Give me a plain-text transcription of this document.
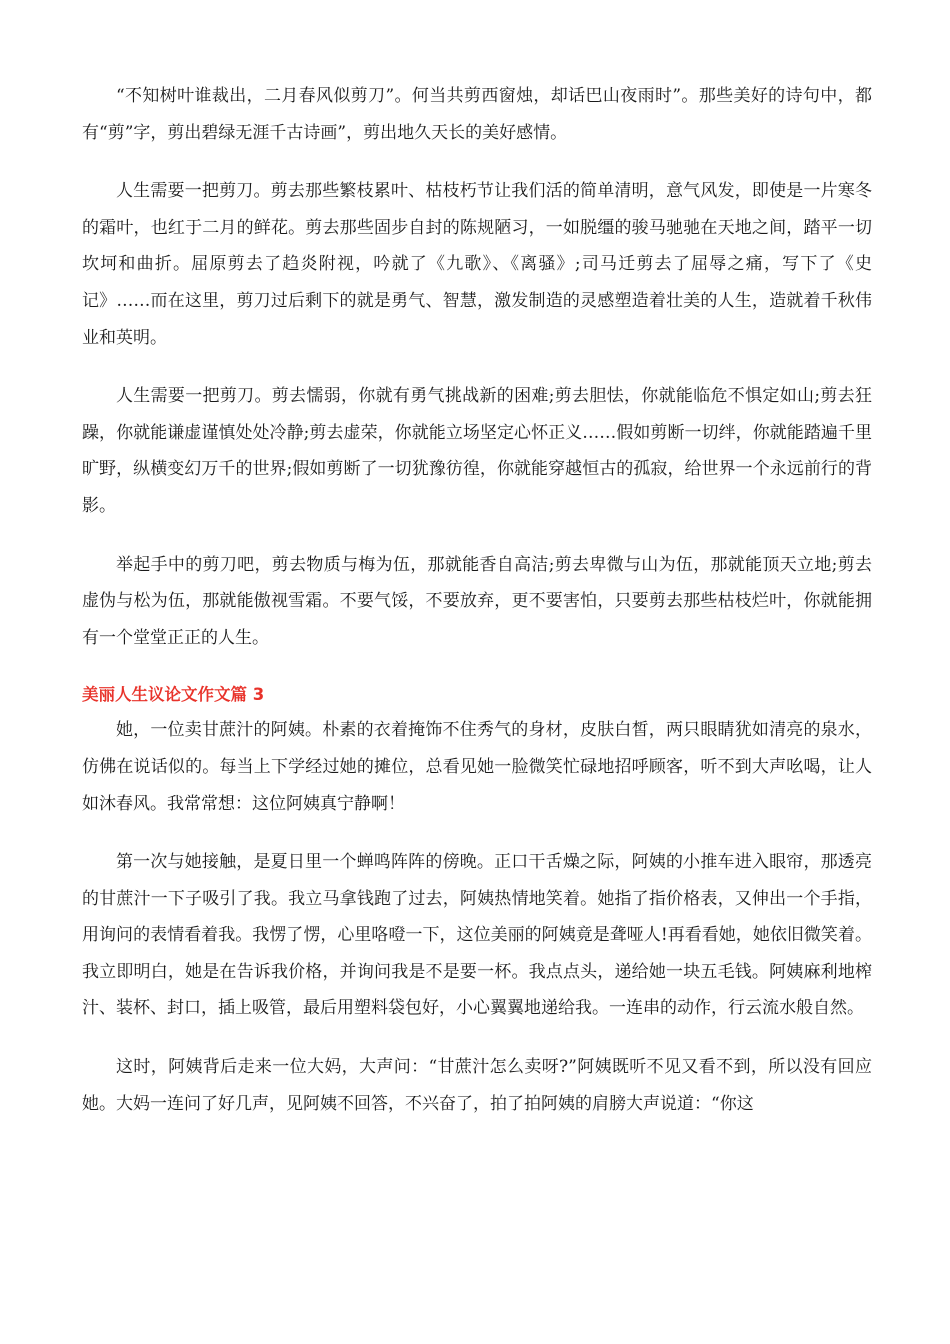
“不知树叶谁裁出，二月春风似剪刀”。何当共剪西窗烛，却话巴山夜雨时”。那些美好的诗句中，都有“剪”字，剪出碧绿无涯千古诗画”，剪出地久天长的美好感情。

人生需要一把剪刀。剪去那些繁枝累叶、枯枝朽节让我们活的简单清明，意气风发，即使是一片寒冬的霜叶，也红于二月的鲜花。剪去那些固步自封的陈规陋习，一如脱缰的骏马驰驰在天地之间，踏平一切坎坷和曲折。屈原剪去了趋炎附视，吟就了《九歌》、《离骚》;司马迁剪去了屈辱之痛，写下了《史记》……而在这里，剪刀过后剩下的就是勇气、智慧，激发制造的灵感塑造着壮美的人生，造就着千秋伟业和英明。

人生需要一把剪刀。剪去懦弱，你就有勇气挑战新的困难;剪去胆怯，你就能临危不惧定如山;剪去狂躁，你就能谦虚谨慎处处冷静;剪去虚荣，你就能立场坚定心怀正义……假如剪断一切绊，你就能踏遍千里旷野，纵横变幻万千的世界;假如剪断了一切犹豫彷徨，你就能穿越恒古的孤寂，给世界一个永远前行的背影。

举起手中的剪刀吧，剪去物质与梅为伍，那就能香自高洁;剪去卑微与山为伍，那就能顶天立地;剪去虚伪与松为伍，那就能傲视雪霜。不要气馁，不要放弃，更不要害怕，只要剪去那些枯枝烂叶，你就能拥有一个堂堂正正的人生。

美丽人生议论文作文篇 3

她，一位卖甘蔗汁的阿姨。朴素的衣着掩饰不住秀气的身材，皮肤白皙，两只眼睛犹如清亮的泉水，仿佛在说话似的。每当上下学经过她的摊位，总看见她一脸微笑忙碌地招呼顾客，听不到大声吆喝，让人如沐春风。我常常想：这位阿姨真宁静啊！

第一次与她接触，是夏日里一个蝉鸣阵阵的傍晚。正口干舌燥之际，阿姨的小推车进入眼帘，那透亮的甘蔗汁一下子吸引了我。我立马拿钱跑了过去，阿姨热情地笑着。她指了指价格表，又伸出一个手指，用询问的表情看着我。我愣了愣，心里咯噔一下，这位美丽的阿姨竟是聋哑人!再看看她，她依旧微笑着。我立即明白，她是在告诉我价格，并询问我是不是要一杯。我点点头，递给她一块五毛钱。阿姨麻利地榨汁、装杯、封口，插上吸管，最后用塑料袋包好，小心翼翼地递给我。一连串的动作，行云流水般自然。

这时，阿姨背后走来一位大妈，大声问：“甘蔗汁怎么卖呀?”阿姨既听不见又看不到，所以没有回应她。大妈一连问了好几声，见阿姨不回答，不兴奋了，拍了拍阿姨的肩膀大声说道：“你这
